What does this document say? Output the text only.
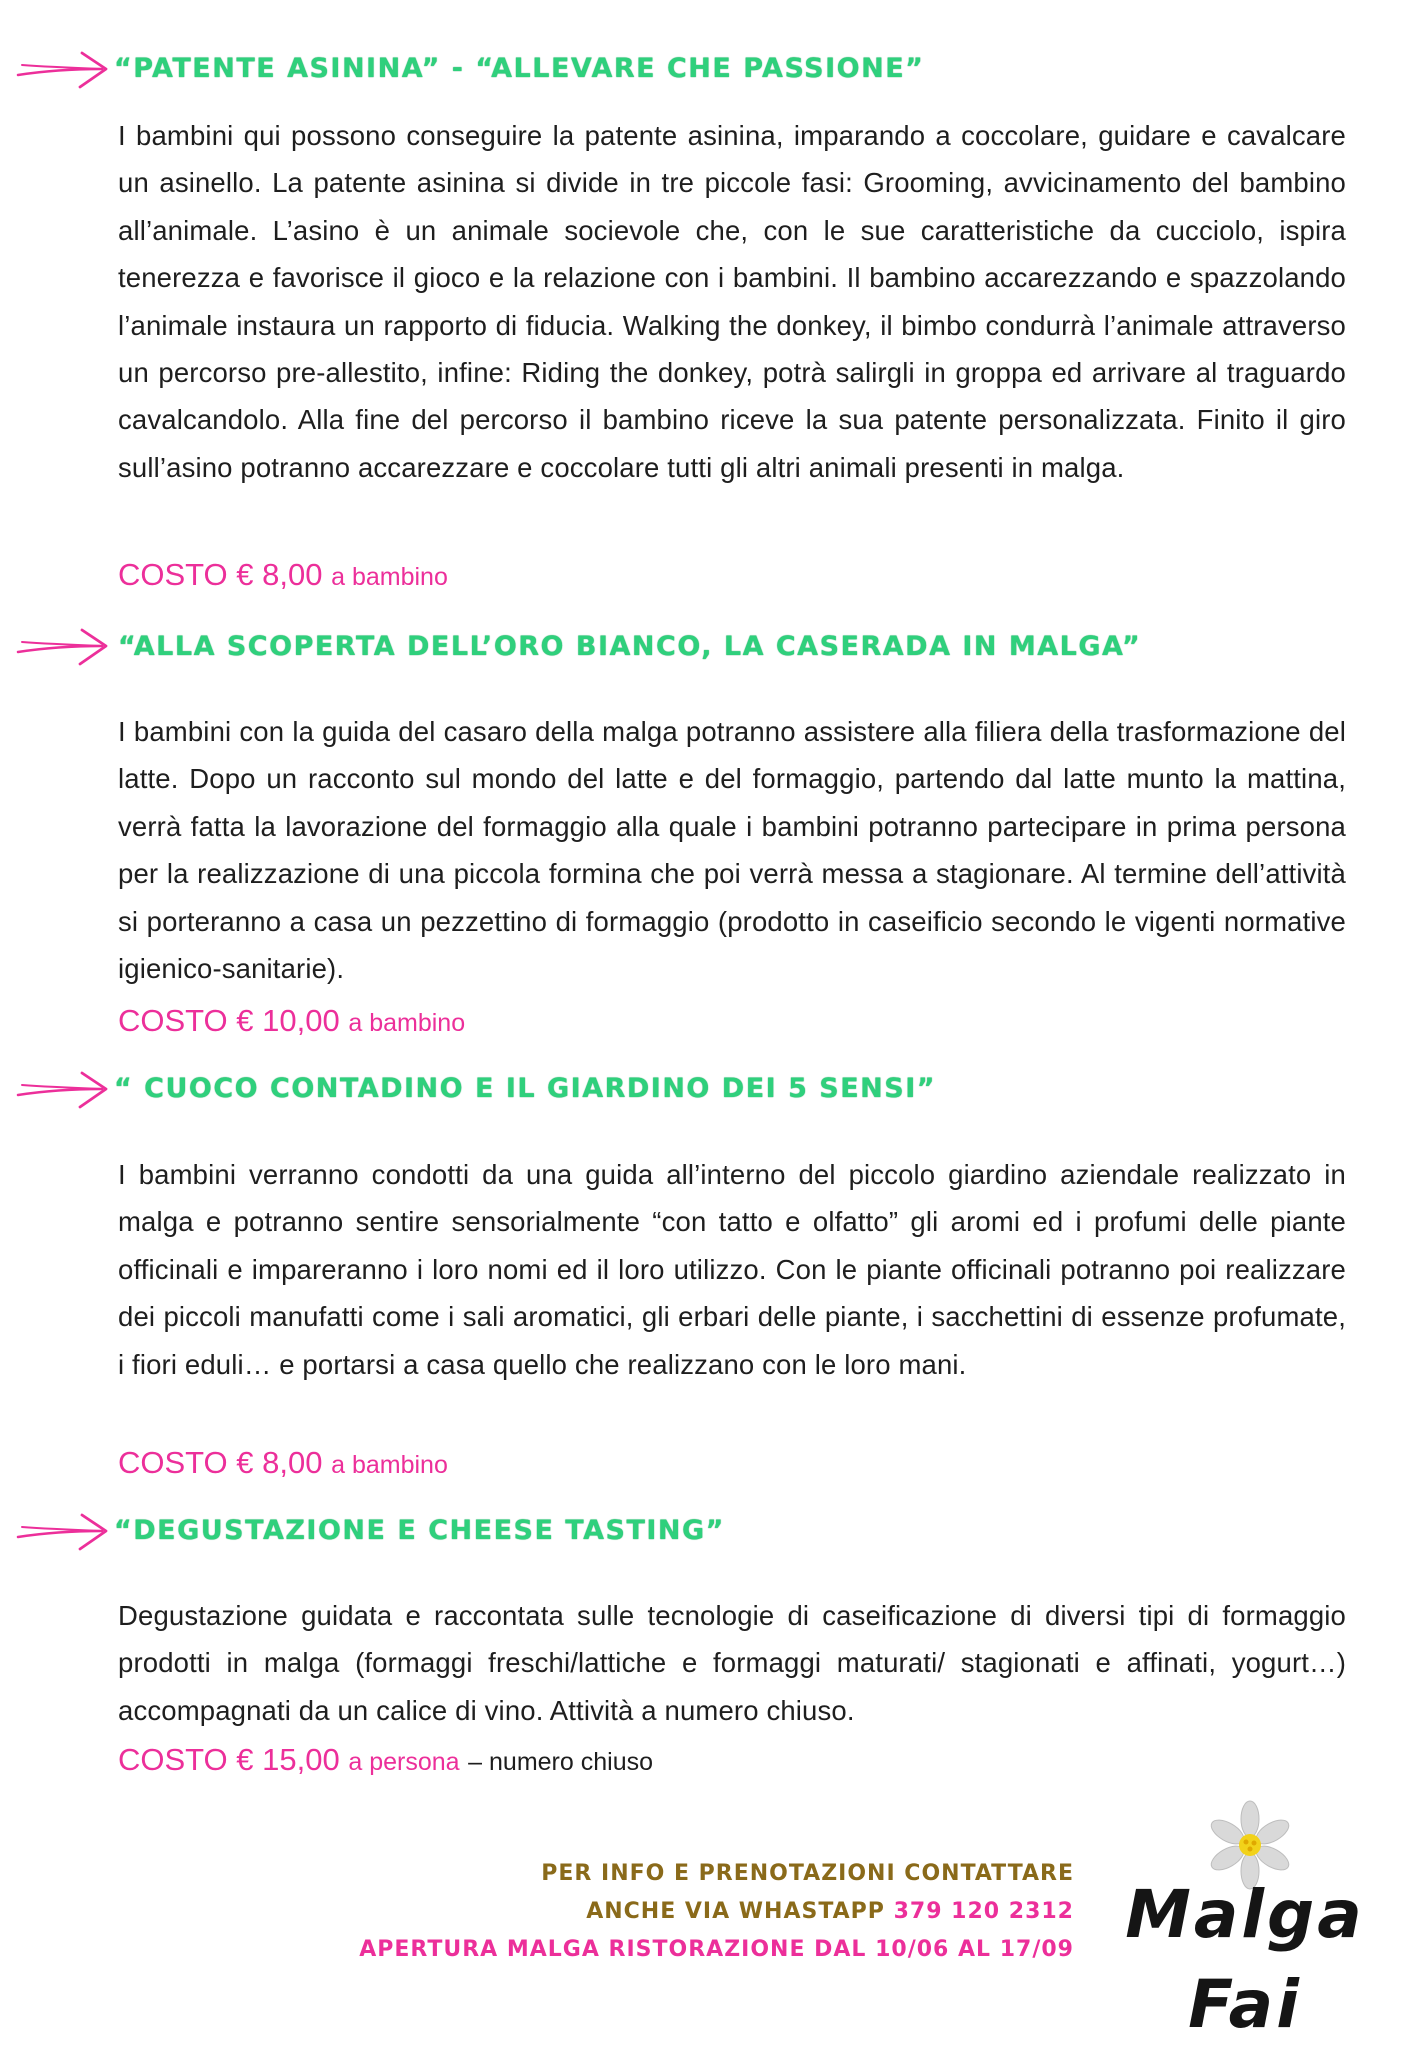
“PATENTE ASININA” - “ALLEVARE CHE PASSIONE”

I bambini qui possono conseguire la patente asinina, imparando a coccolare, guidare e cavalcare un asinello. La patente asinina si divide in tre piccole fasi: Grooming, avvicinamento del bambino all’animale. L’asino è un animale socievole che, con le sue caratteristiche da cucciolo, ispira tenerezza e favorisce il gioco e la relazione con i bambini. Il bambino accarezzando e spazzolando l’animale instaura un rapporto di fiducia. Walking the donkey, il bimbo condurrà l’animale attraverso un percorso pre-allestito, infine: Riding the donkey, potrà salirgli in groppa ed arrivare al traguardo cavalcandolo. Alla fine del percorso il bambino riceve la sua patente personalizzata. Finito il giro sull’asino potranno accarezzare e coccolare tutti gli altri animali presenti in malga.

COSTO € 8,00 a bambino
“ALLA SCOPERTA DELL’ORO BIANCO, LA CASERADA IN MALGA”

I bambini con la guida del casaro della malga potranno assistere alla filiera della trasformazione del latte. Dopo un racconto sul mondo del latte e del formaggio, partendo dal latte munto la mattina, verrà fatta la lavorazione del formaggio alla quale i bambini potranno partecipare in prima persona per la realizzazione di una piccola formina che poi verrà messa a stagionare. Al termine dell’attività si porteranno a casa un pezzettino di formaggio (prodotto in caseificio secondo le vigenti normative igienico-sanitarie).

COSTO € 10,00 a bambino
“ CUOCO CONTADINO E IL GIARDINO DEI 5 SENSI”

I bambini verranno condotti da una guida all’interno del piccolo giardino aziendale realizzato in malga e potranno sentire sensorialmente “con tatto e olfatto” gli aromi ed i profumi delle piante officinali e impareranno i loro nomi ed il loro utilizzo. Con le piante officinali potranno poi realizzare dei piccoli manufatti come i sali aromatici, gli erbari delle piante, i sacchettini di essenze profumate, i fiori eduli… e portarsi a casa quello che realizzano con le loro mani.

COSTO € 8,00 a bambino
“DEGUSTAZIONE E CHEESE TASTING”

Degustazione guidata e raccontata sulle tecnologie di caseificazione di diversi tipi di formaggio prodotti in malga (formaggi freschi/lattiche e formaggi maturati/ stagionati e affinati, yogurt…) accompagnati da un calice di vino. Attività a numero chiuso.

COSTO € 15,00 a persona – numero chiuso
PER INFO E PRENOTAZIONI CONTATTARE
ANCHE VIA WHASTAPP 379 120 2312
APERTURA MALGA RISTORAZIONE DAL 10/06 AL 17/09 Malga Fai
